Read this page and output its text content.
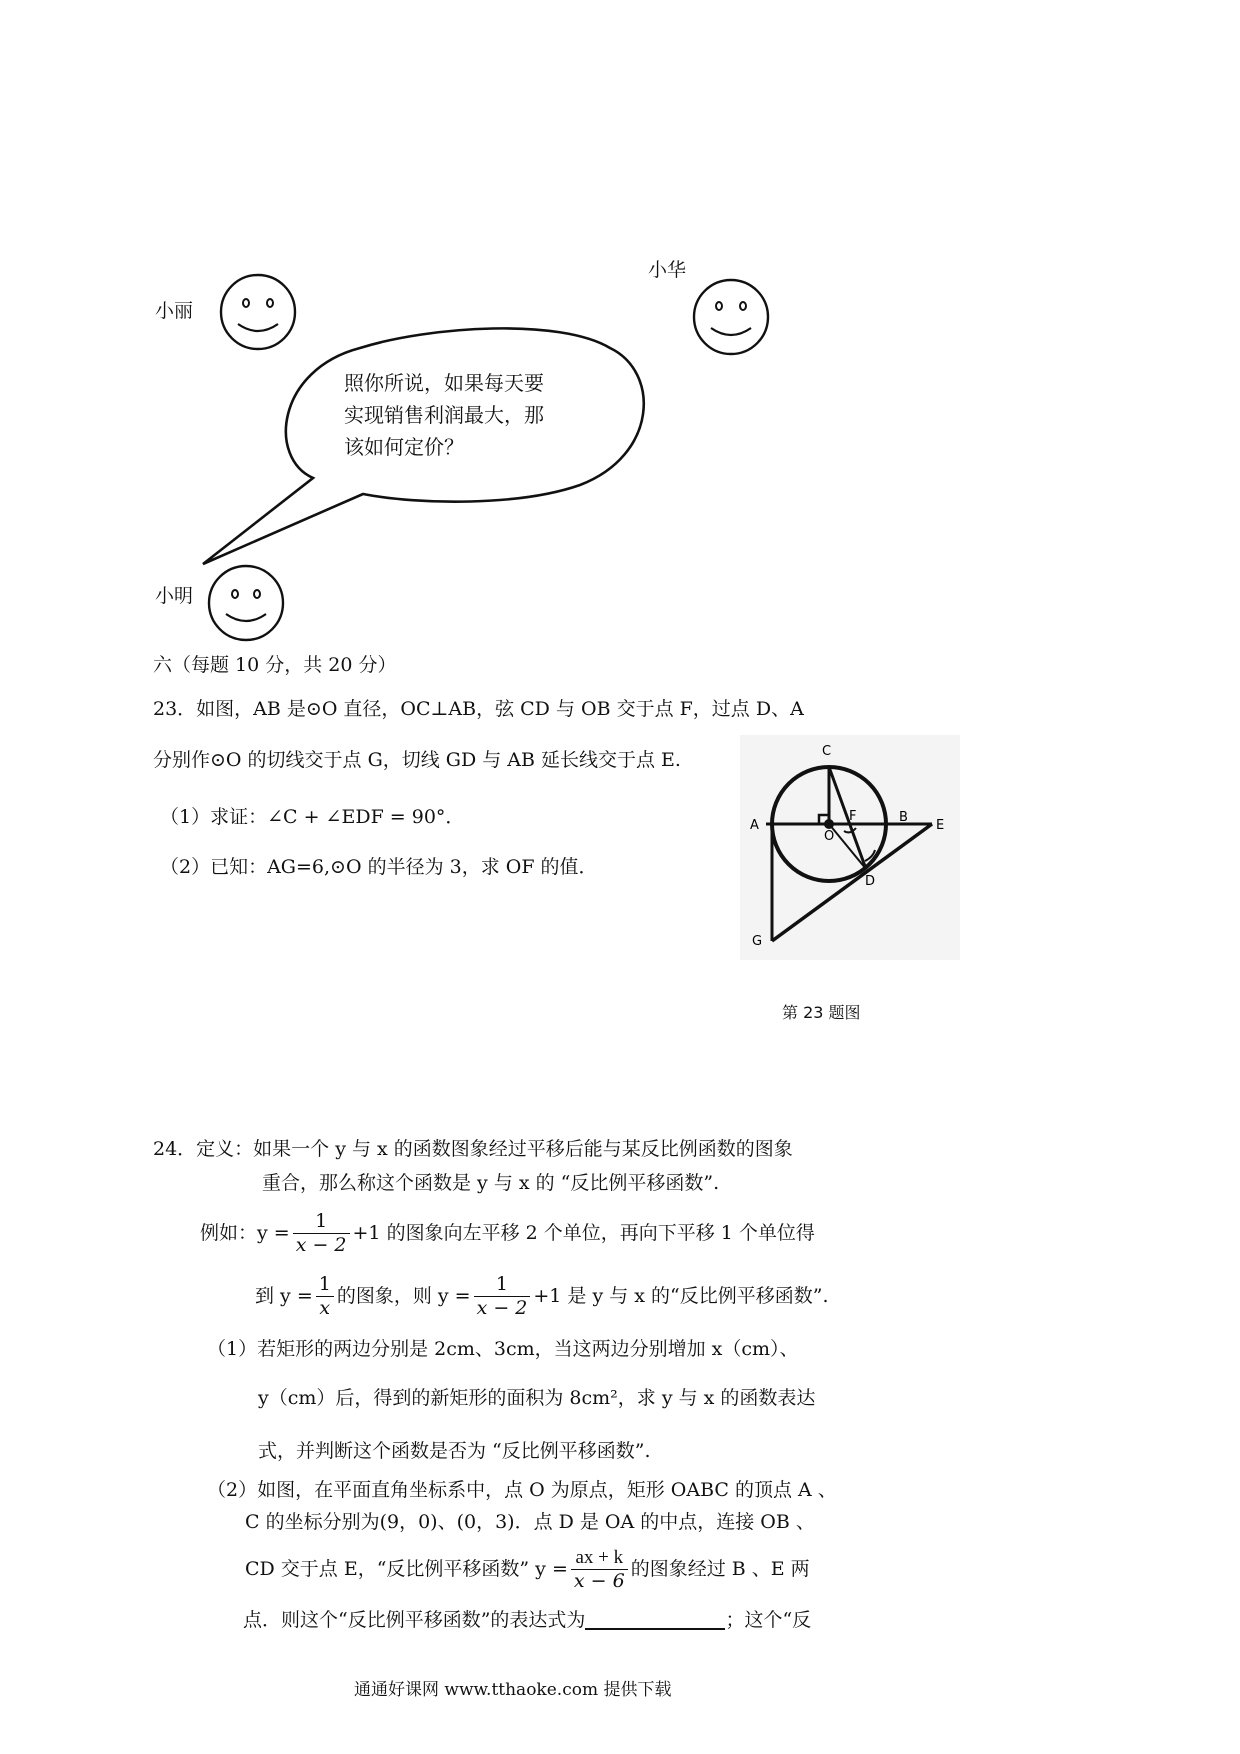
小丽
小华
小明
照你所说，如果每天要
实现销售利润最大，那
该如何定价？
六（每题 10 分，共 20 分）
23．如图，AB 是⊙O 直径，OC⊥AB，弦 CD 与 OB 交于点 F，过点 D、A
分别作⊙O 的切线交于点 G，切线 GD 与 AB 延长线交于点 E.
（1）求证：∠C + ∠EDF = 90°．
（2）已知：AG=6,⊙O 的半径为 3，求 OF 的值．
C
A
B
E
F
O
D
G
第 23 题图
24．定义：如果一个 y 与 x 的函数图象经过平移后能与某反比例函数的图象
重合，那么称这个函数是 y 与 x 的 “反比例平移函数”.
例如：$y = \frac{1}{x - 2} +1$ 的图象向左平移 2 个单位，再向下平移 1 个单位得
到 $y = \frac{1}{x}$ 的图象，则 $y = \frac{1}{x - 2} +1$ 是 y 与 x 的“反比例平移函数”.
（1）若矩形的两边分别是 2cm、3cm，当这两边分别增加 x（cm）、
y（cm）后，得到的新矩形的面积为 8cm²，求 y 与 x 的函数表达
式，并判断这个函数是否为 “反比例平移函数”.
（2）如图，在平面直角坐标系中，点 O 为原点，矩形 OABC 的顶点 A 、
C 的坐标分别为(9，0)、(0，3)．点 D 是 OA 的中点，连接 OB 、
CD 交于点 E，“反比例平移函数” $y = \frac{ax + k}{x - 6}$ 的图象经过 B 、E 两
点．则这个“反比例平移函数”的表达式为	；这个“反
通通好课网 www.tthaoke.com 提供下载
